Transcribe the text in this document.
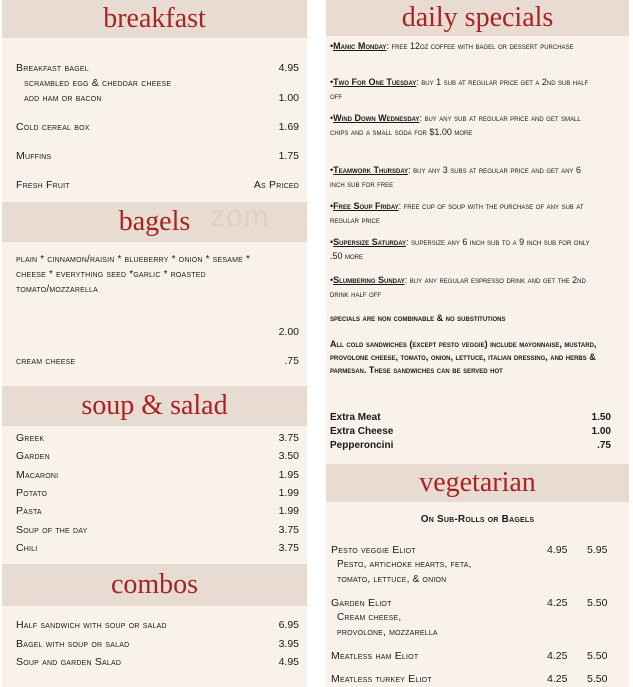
breakfast
Breakfast bagel	4.95
scrambled egg & cheddar cheese
add ham or bacon	1.00
Cold cereal box	1.69
Muffins	1.75
Fresh Fruit	As Priced
bagels
plain * cinnamon/raisin * blueberry * onion * sesame * cheese * everything seed *garlic * roasted tomato/mozzarella
2.00
cream cheese	.75
soup & salad
combos
Greek	3.75
Garden	3.50
Macaroni	1.95
Potato	1.99
Pasta	1.99
Soup of the day	3.75
Chili	3.75
Half sandwich with soup or salad	6.95
Bagel with soup or salad	3.95
Soup and garden Salad	4.95
daily specials
•Manic Monday: free 12oz coffee with bagel or dessert purchase
•Two For One Tuesday: buy 1 sub at regular price get a 2nd sub half off
•Wind Down Wednesday: buy any sub at regular price and get small chips and a small soda for $1.00 more
•Teamwork Thursday: buy any 3 subs at regular price and get any 6 inch sub for free
•Free Soup Friday: free cup of soup with the purchase of any sub at regular price
•Supersize Saturday: supersize any 6 inch sub to a 9 inch sub for only .50 more
•Slumbering Sunday: buy any regular espresso drink and get the 2nd drink half off
specials are non combinable & no substitutions
All cold sandwiches (except pesto veggie) include mayonnaise, mustard, provolone cheese, tomato, onion, lettuce, italian dressing, and herbs & parmesan. These sandwiches can be served hot
Extra Meat	1.50
Extra Cheese	1.00
Pepperoncini	.75
vegetarian
On Sub-Rolls or Bagels
Pesto veggie Eliot	4.95 5.95
Pesto, artichoke hearts, feta, tomato, lettuce, & onion
Garden Eliot	4.25 5.50
Cream cheese, provolone, mozzarella
Meatless ham Eliot	4.25 5.50
Meatless turkey Eliot	4.25 5.50
zom
